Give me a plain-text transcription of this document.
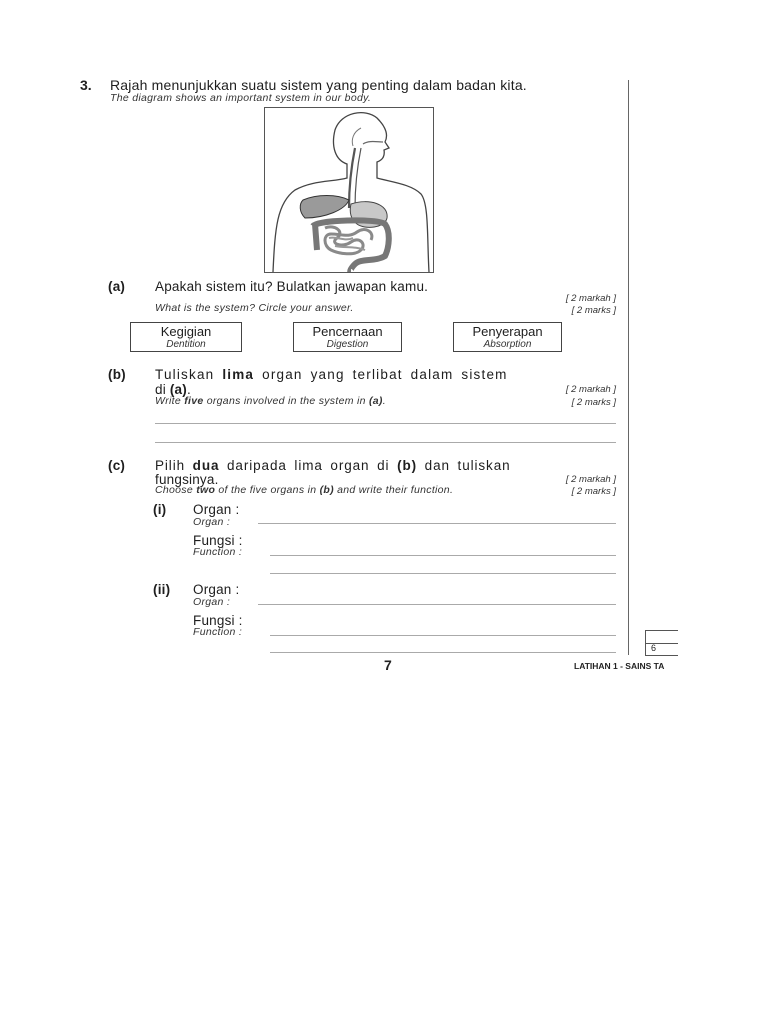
3. Rajah menunjukkan suatu sistem yang penting dalam badan kita.
The diagram shows an important system in our body.
(a) Apakah sistem itu? Bulatkan jawapan kamu.
[ 2 markah ]
What is the system? Circle your answer.	[ 2 marks ]
Kegigian
Dentition
Pencernaan
Digestion
Penyerapan
Absorption
(b) Tuliskan lima organ yang terlibat dalam sistem
di (a).	[ 2 markah ]
Write five organs involved in the system in (a).	[ 2 marks ]
(c) Pilih dua daripada lima organ di (b) dan tuliskan
fungsinya.	[ 2 markah ]
Choose two of the five organs in (b) and write their function.	[ 2 marks ]
(i) Organ :
Organ :
Fungsi :
Function :
(ii) Organ :
Organ :
Fungsi :
Function :
6
7	LATIHAN 1 - SAINS TA
